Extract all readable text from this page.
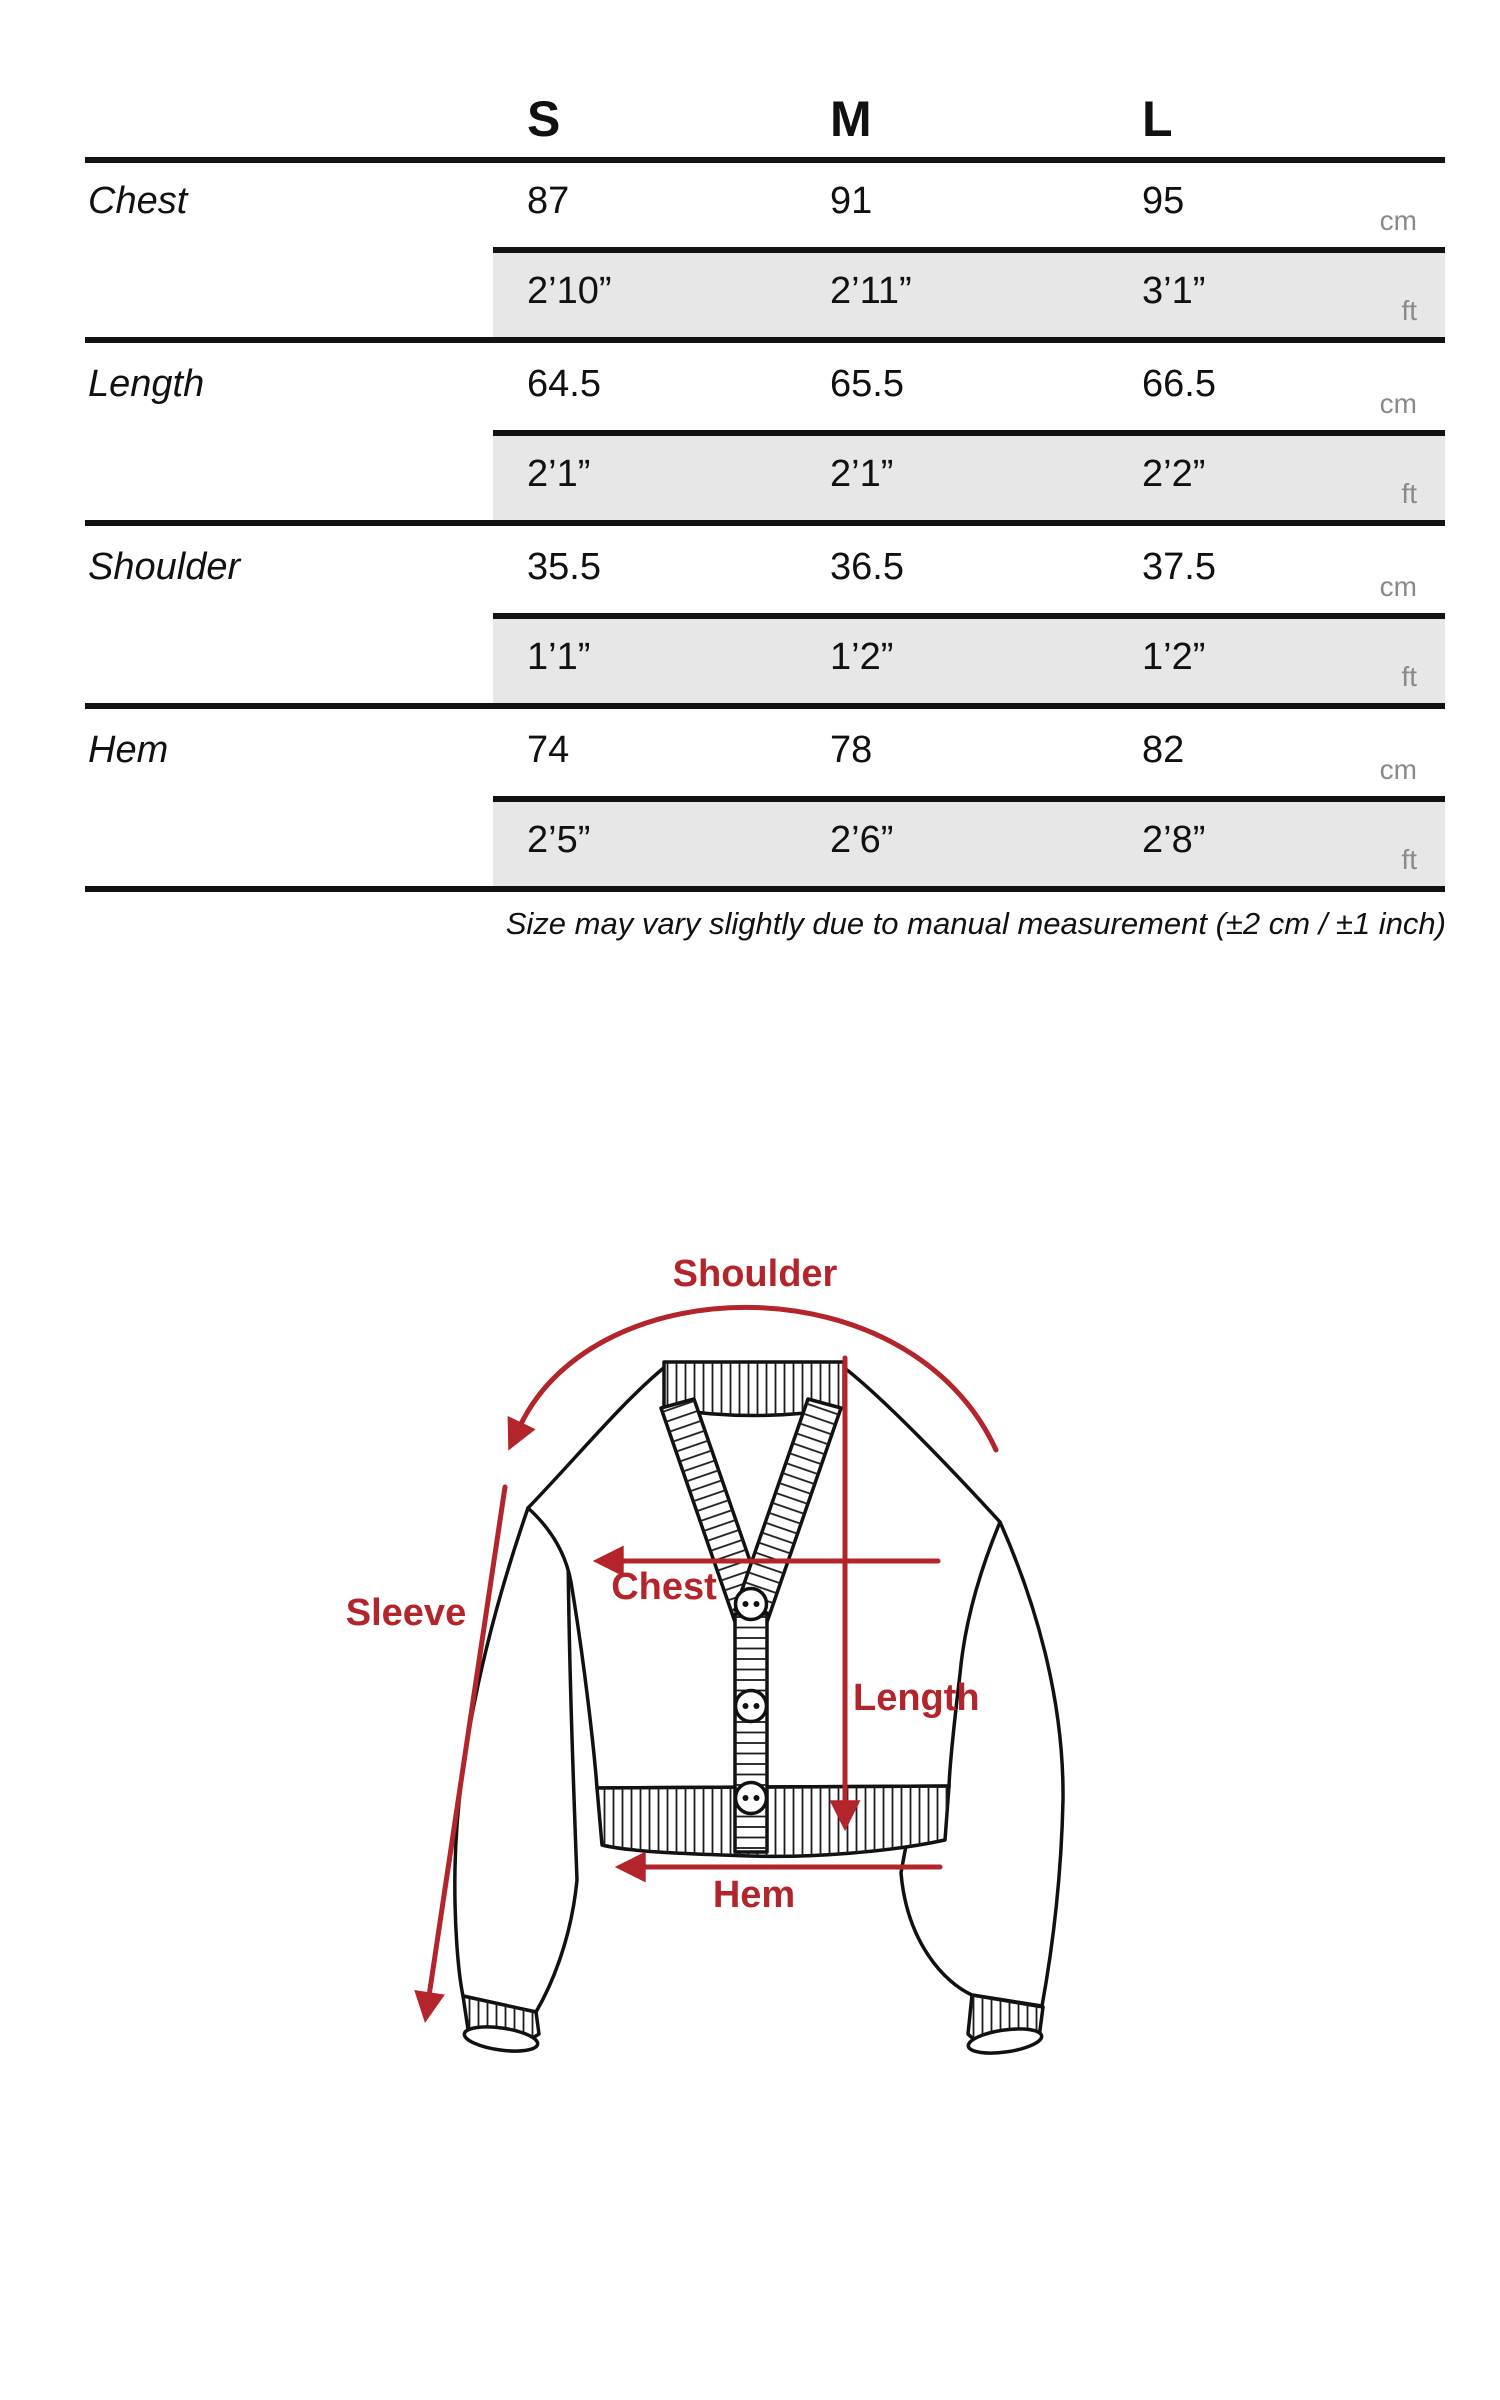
S	M	L
Chest	87	91	95	cm
2’10”	2’11”	3’1”	ft
Length	64.5	65.5	66.5	cm
2’1”	2’1”	2’2”	ft
Shoulder	35.5	36.5	37.5	cm
1’1”	1’2”	1’2”	ft
Hem	74	78	82	cm
2’5”	2’6”	2’8”	ft
Size may vary slightly due to manual measurement (±2 cm / ±1 inch)
Shoulder
Chest
Length
Sleeve
Hem
